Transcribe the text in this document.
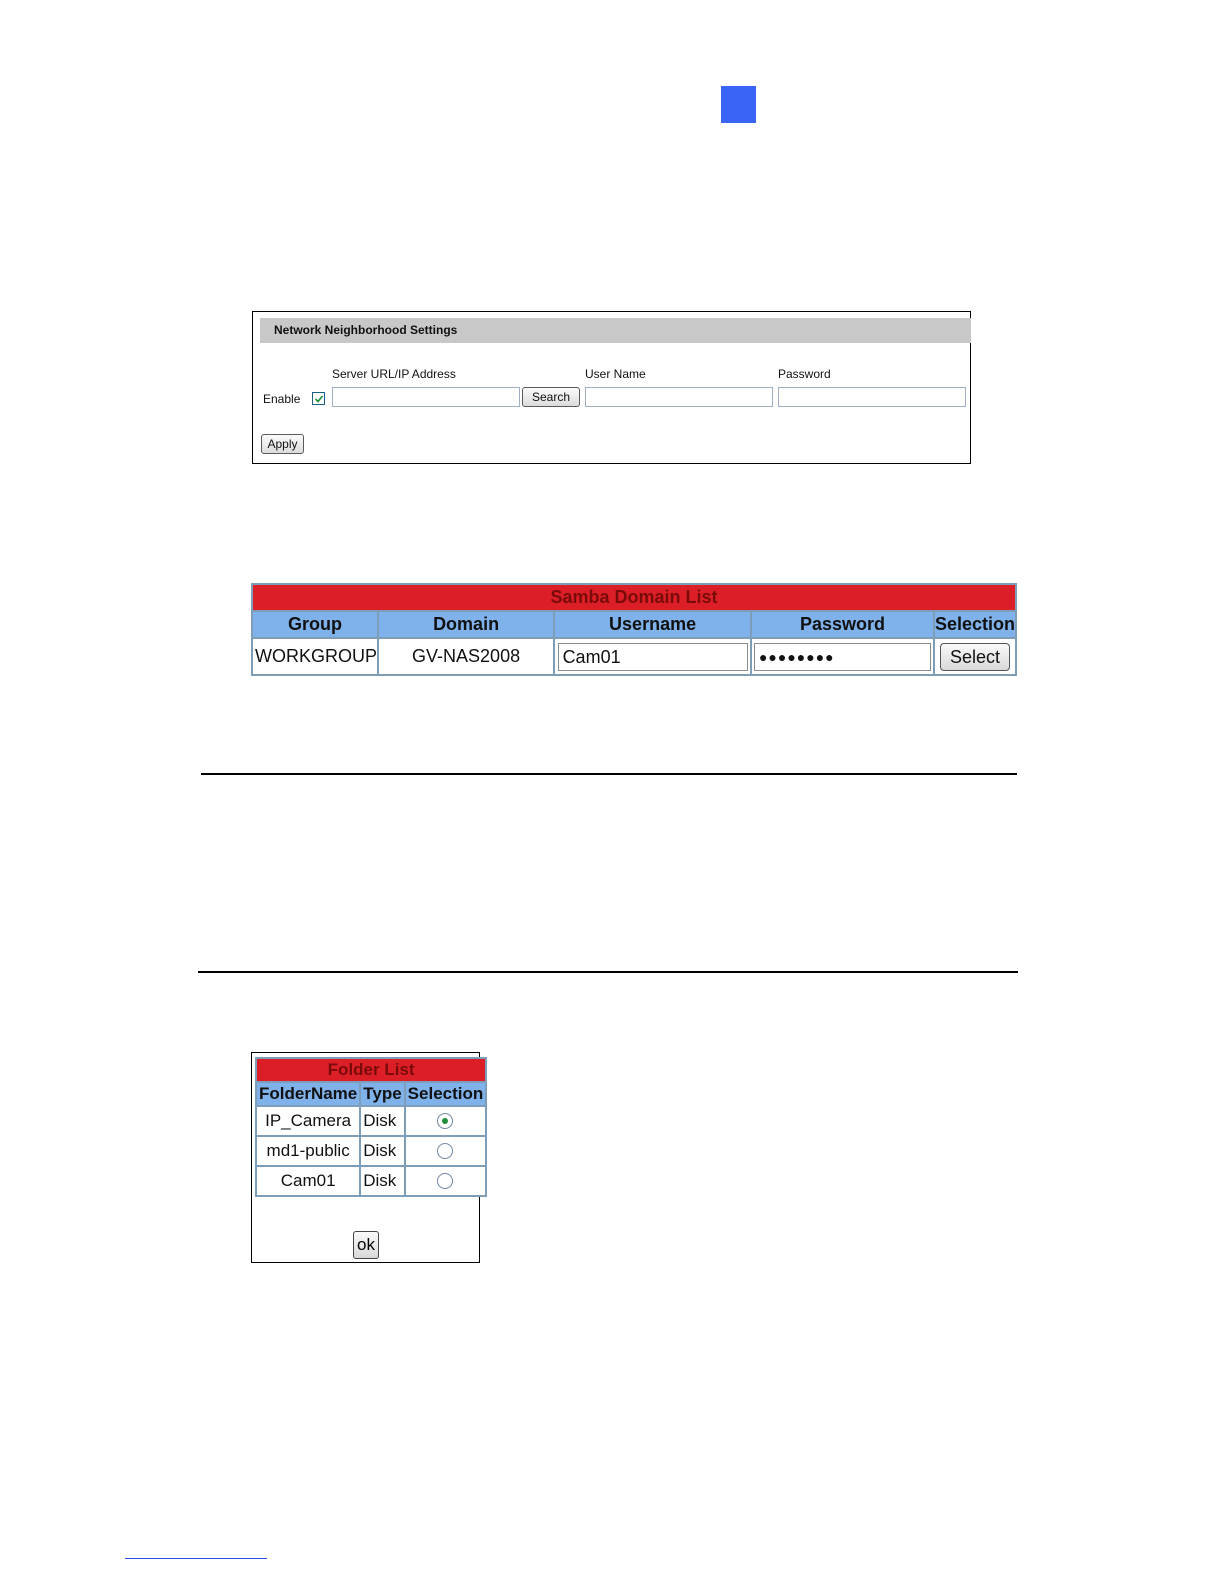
Network Neighborhood Settings
Server URL/IP Address	User Name	Password
Enable	Search
Apply
Samba Domain List				
Group	Domain	Username	Password	Selection
WORKGROUP	GV-NAS2008	Cam01	●●●●●●●●	Select
Folder List		
FolderName	Type	Selection
IP_Camera	Disk	

md1-public	Disk	

Cam01	Disk	
ok
